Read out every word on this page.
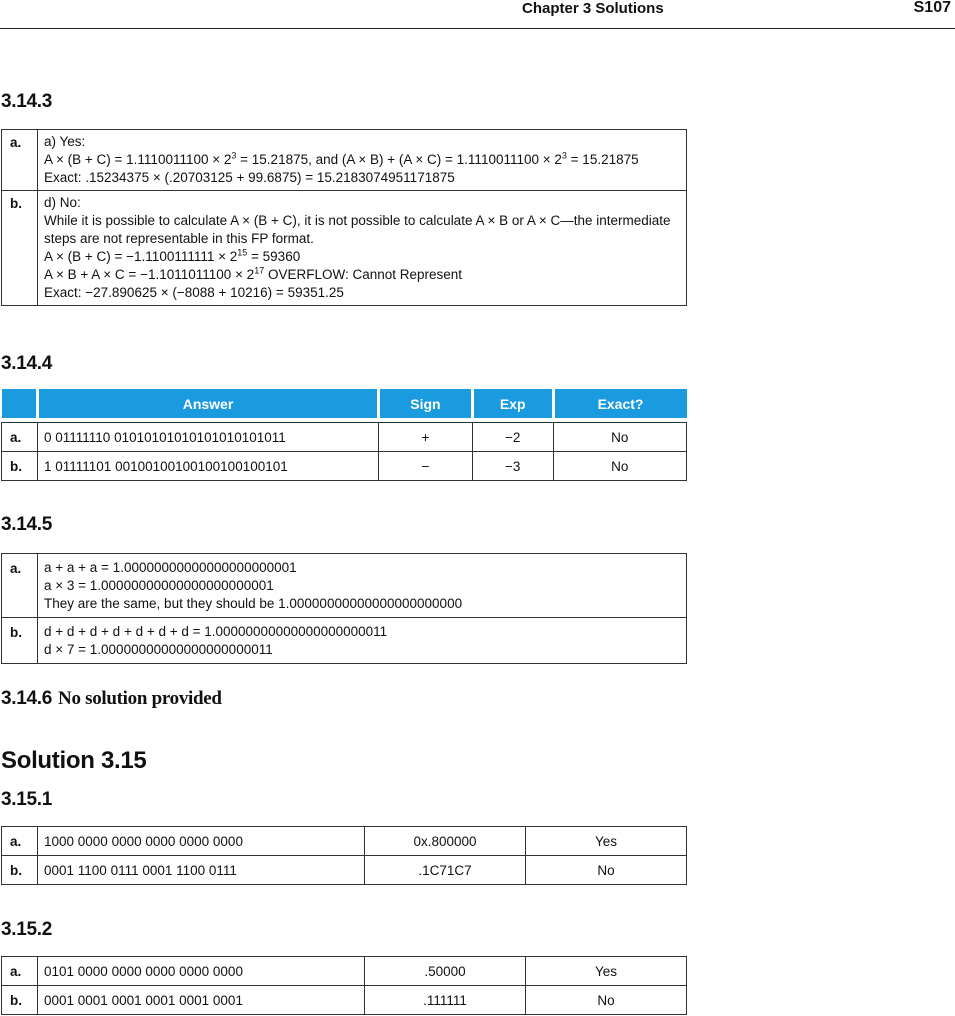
Chapter 3 Solutions	S107
3.14.3
a.	a) Yes:
$A \times (B + C) = 1.1110011100 \times 2^3 = 15.21875$, and $(A \times B) + (A \times C) = 1.1110011100 \times 2^3 = 15.21875$
Exact: .15234375 × (.20703125 + 99.6875) = 15.2183074951171875

b.	d) No:
While it is possible to calculate A × (B + C), it is not possible to calculate A × B or A × C—the intermediate steps are not representable in this FP format.
$A \times (B + C) = -1.1100111111 \times 2^{15} = 59360$
$A \times B + A \times C = -1.1011011100 \times 2^{17}$ OVERFLOW: Cannot Represent
Exact: −27.890625 × (−8088 + 10216) = 59351.25
3.14.4
	Answer	Sign	Exp	Exact?

a.	0 01111110 01010101010101010101011	+	−2	No
b.	1 01111101 00100100100100100100101	−	−3	No
3.14.5
a.	a + a + a = 1.00000000000000000000001
a × 3 = 1.00000000000000000000001
They are the same, but they should be 1.00000000000000000000000

b.	d + d + d + d + d + d + d = 1.00000000000000000000011
d × 7 = 1.00000000000000000000011
3.14.6 No solution provided
Solution 3.15
3.15.1
a.	1000 0000 0000 0000 0000 0000	0x.800000	Yes
b.	0001 1100 0111 0001 1100 0111	.1C71C7	No
3.15.2
a.	0101 0000 0000 0000 0000 0000	.50000	Yes
b.	0001 0001 0001 0001 0001 0001	.111111	No
